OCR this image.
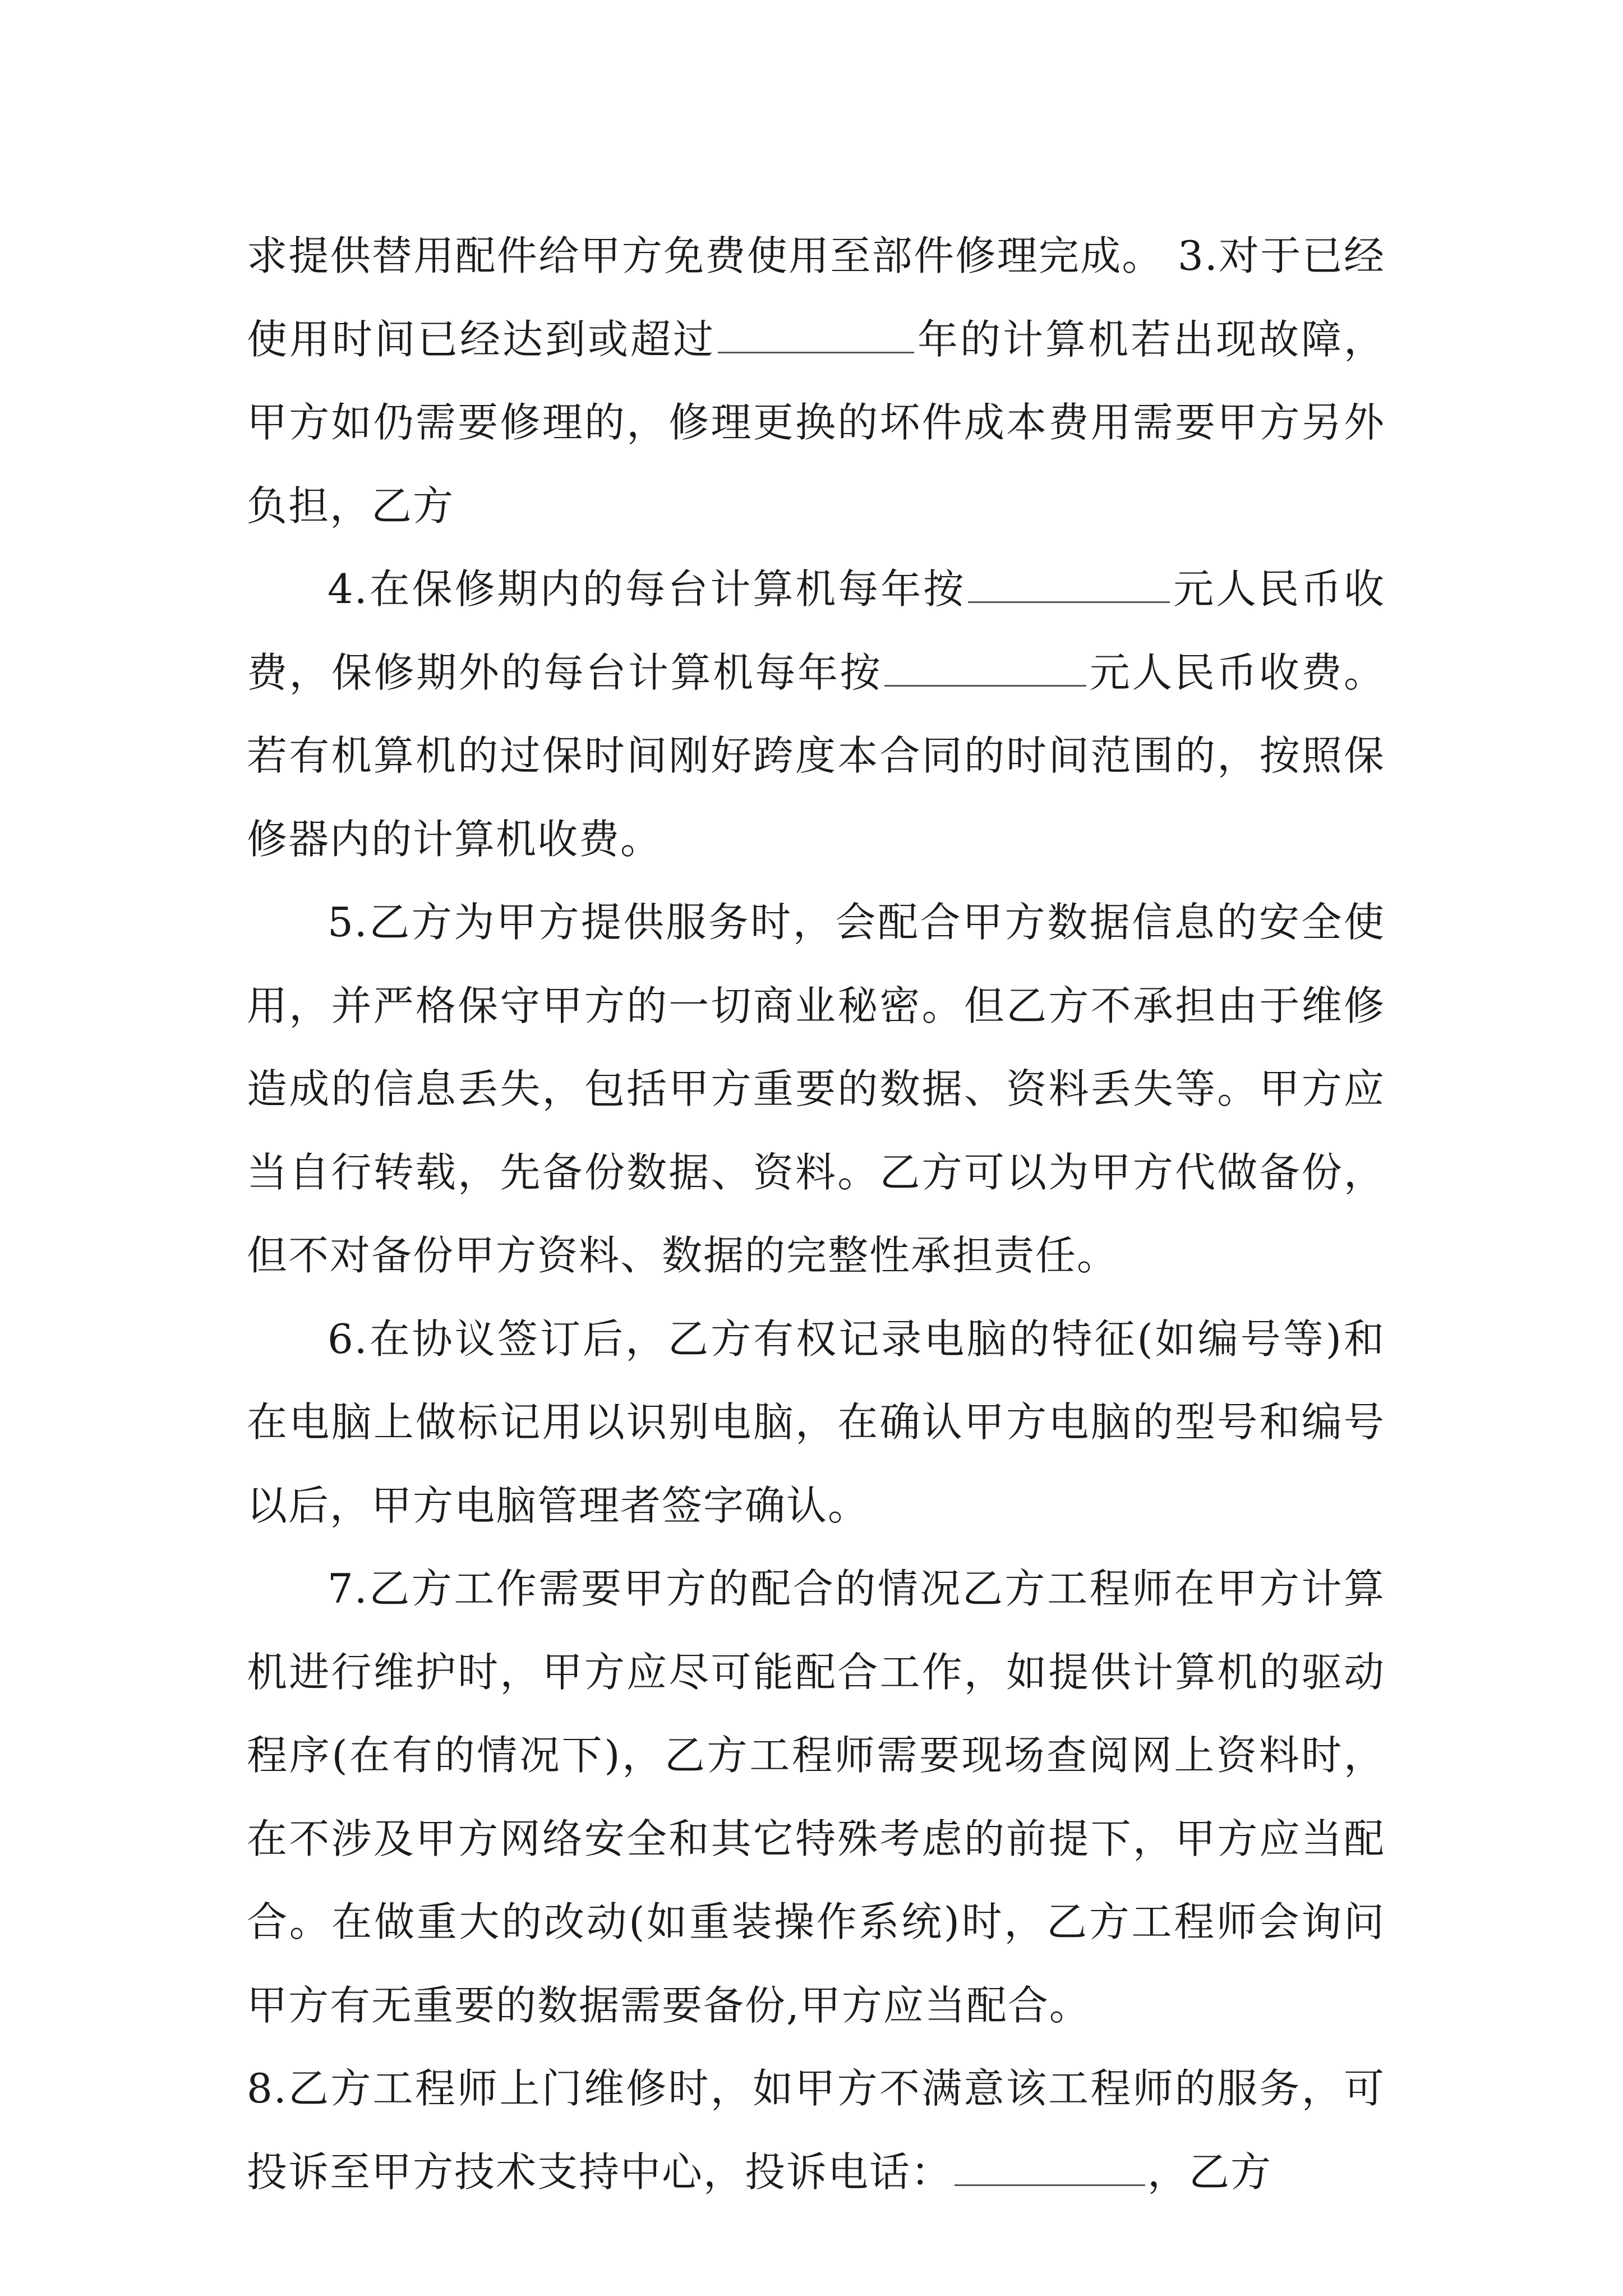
求提供替用配件给甲方免费使用至部件修理完成。 3.对于已经使用时间已经达到或超过	年的计算机若出现故障，甲方如仍需要修理的，修理更换的坏件成本费用需要甲方另外负担，乙方

4.在保修期内的每台计算机每年按	元人民币收费，保修期外的每台计算机每年按	元人民币收费。若有机算机的过保时间刚好跨度本合同的时间范围的，按照保修器内的计算机收费。

5.乙方为甲方提供服务时，会配合甲方数据信息的安全使用，并严格保守甲方的一切商业秘密。但乙方不承担由于维修造成的信息丢失，包括甲方重要的数据、资料丢失等。甲方应当自行转载，先备份数据、资料。乙方可以为甲方代做备份，但不对备份甲方资料、数据的完整性承担责任。

6.在协议签订后，乙方有权记录电脑的特征(如编号等)和在电脑上做标记用以识别电脑，在确认甲方电脑的型号和编号以后，甲方电脑管理者签字确认。

7.乙方工作需要甲方的配合的情况乙方工程师在甲方计算机进行维护时，甲方应尽可能配合工作，如提供计算机的驱动程序(在有的情况下)，乙方工程师需要现场查阅网上资料时，在不涉及甲方网络安全和其它特殊考虑的前提下，甲方应当配合。在做重大的改动(如重装操作系统)时，乙方工程师会询问甲方有无重要的数据需要备份,甲方应当配合。

8.乙方工程师上门维修时，如甲方不满意该工程师的服务，可投诉至甲方技术支持中心，投诉电话：	，乙方
